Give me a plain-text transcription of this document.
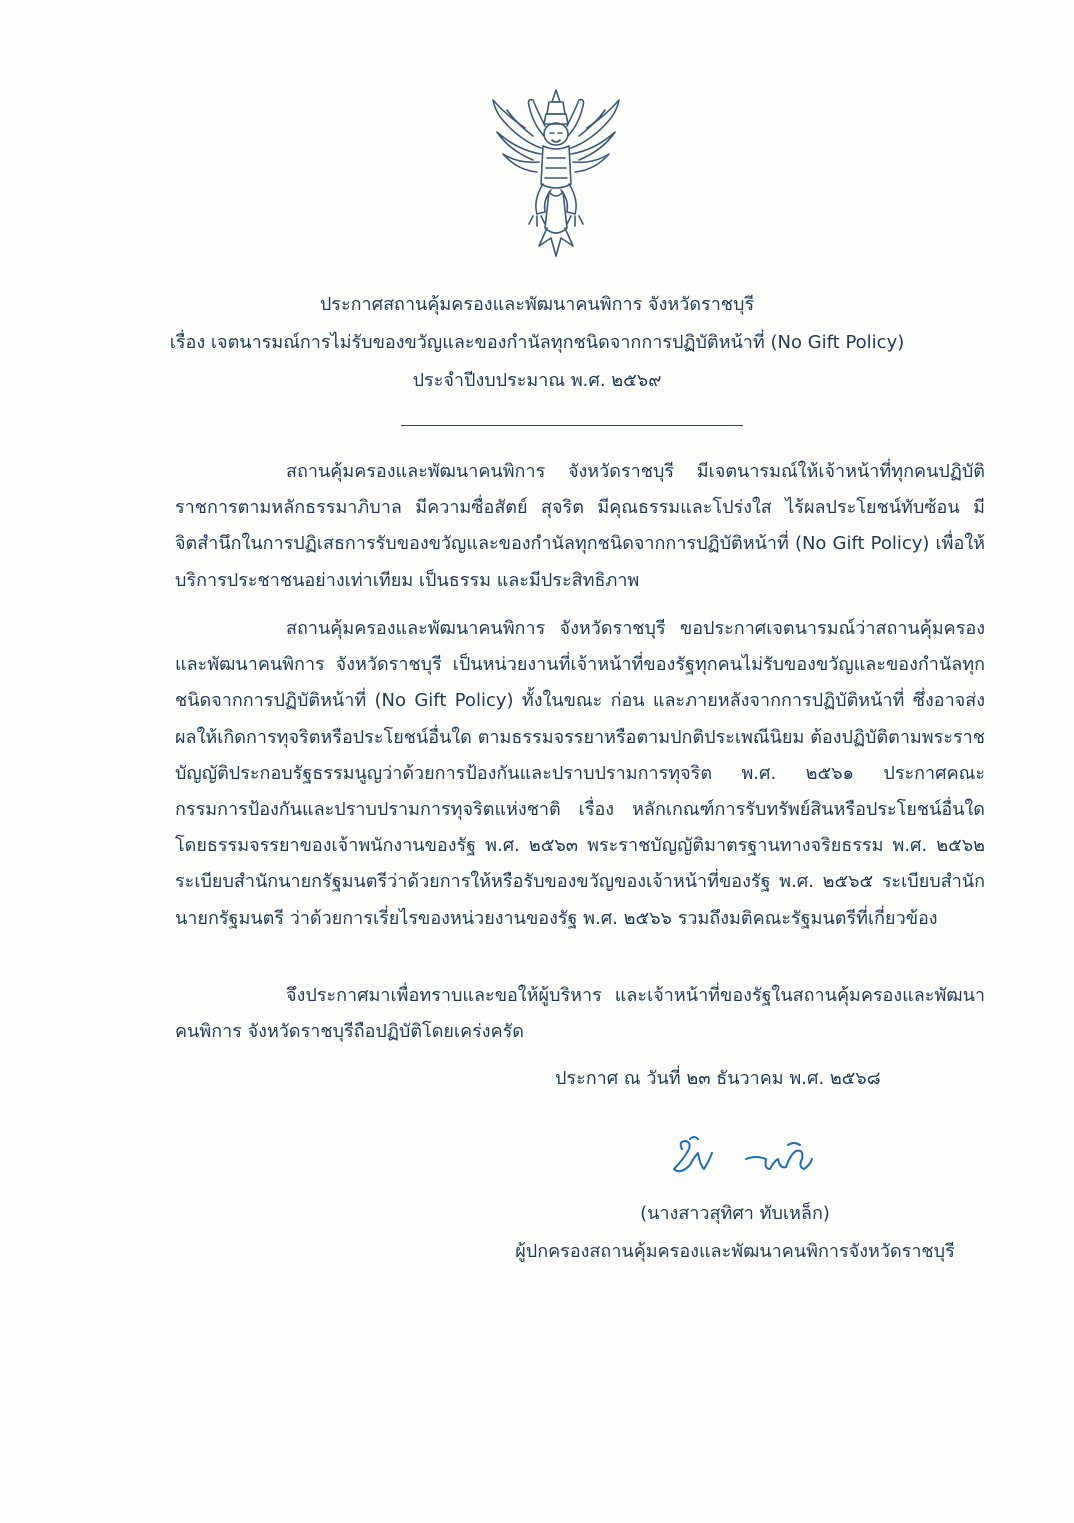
ประกาศสถานคุ้มครองและพัฒนาคนพิการ จังหวัดราชบุรี
เรื่อง เจตนารมณ์การไม่รับของขวัญและของกำนัลทุกชนิดจากการปฏิบัติหน้าที่ (No Gift Policy)
ประจำปีงบประมาณ พ.ศ. ๒๕๖๙

สถานคุ้มครองและพัฒนาคนพิการ จังหวัดราชบุรี มีเจตนารมณ์ให้เจ้าหน้าที่ทุกคนปฏิบัติราชการตามหลักธรรมาภิบาล มีความซื่อสัตย์ สุจริต มีคุณธรรมและโปร่งใส ไร้ผลประโยชน์ทับซ้อน มีจิตสำนึกในการปฏิเสธการรับของขวัญและของกำนัลทุกชนิดจากการปฏิบัติหน้าที่ (No Gift Policy) เพื่อให้บริการประชาชนอย่างเท่าเทียม เป็นธรรม และมีประสิทธิภาพ

สถานคุ้มครองและพัฒนาคนพิการ จังหวัดราชบุรี ขอประกาศเจตนารมณ์ว่าสถานคุ้มครองและพัฒนาคนพิการ จังหวัดราชบุรี เป็นหน่วยงานที่เจ้าหน้าที่ของรัฐทุกคนไม่รับของขวัญและของกำนัลทุกชนิดจากการปฏิบัติหน้าที่ (No Gift Policy) ทั้งในขณะ ก่อน และภายหลังจากการปฏิบัติหน้าที่ ซึ่งอาจส่งผลให้เกิดการทุจริตหรือประโยชน์อื่นใด ตามธรรมจรรยาหรือตามปกติประเพณีนิยม ต้องปฏิบัติตามพระราชบัญญัติประกอบรัฐธรรมนูญว่าด้วยการป้องกันและปราบปรามการทุจริต พ.ศ. ๒๕๖๑ ประกาศคณะกรรมการป้องกันและปราบปรามการทุจริตแห่งชาติ เรื่อง หลักเกณฑ์การรับทรัพย์สินหรือประโยชน์อื่นใดโดยธรรมจรรยาของเจ้าพนักงานของรัฐ พ.ศ. ๒๕๖๓ พระราชบัญญัติมาตรฐานทางจริยธรรม พ.ศ. ๒๕๖๒ ระเบียบสำนักนายกรัฐมนตรีว่าด้วยการให้หรือรับของขวัญของเจ้าหน้าที่ของรัฐ พ.ศ. ๒๕๖๕ ระเบียบสำนักนายกรัฐมนตรี ว่าด้วยการเรี่ยไรของหน่วยงานของรัฐ พ.ศ. ๒๕๖๖ รวมถึงมติคณะรัฐมนตรีที่เกี่ยวข้อง

จึงประกาศมาเพื่อทราบและขอให้ผู้บริหาร และเจ้าหน้าที่ของรัฐในสถานคุ้มครองและพัฒนาคนพิการ จังหวัดราชบุรีถือปฏิบัติโดยเคร่งครัด

ประกาศ ณ วันที่ ๒๓ ธันวาคม พ.ศ. ๒๕๖๘
(นางสาวสุทิศา ทับเหล็ก)
ผู้ปกครองสถานคุ้มครองและพัฒนาคนพิการจังหวัดราชบุรี
